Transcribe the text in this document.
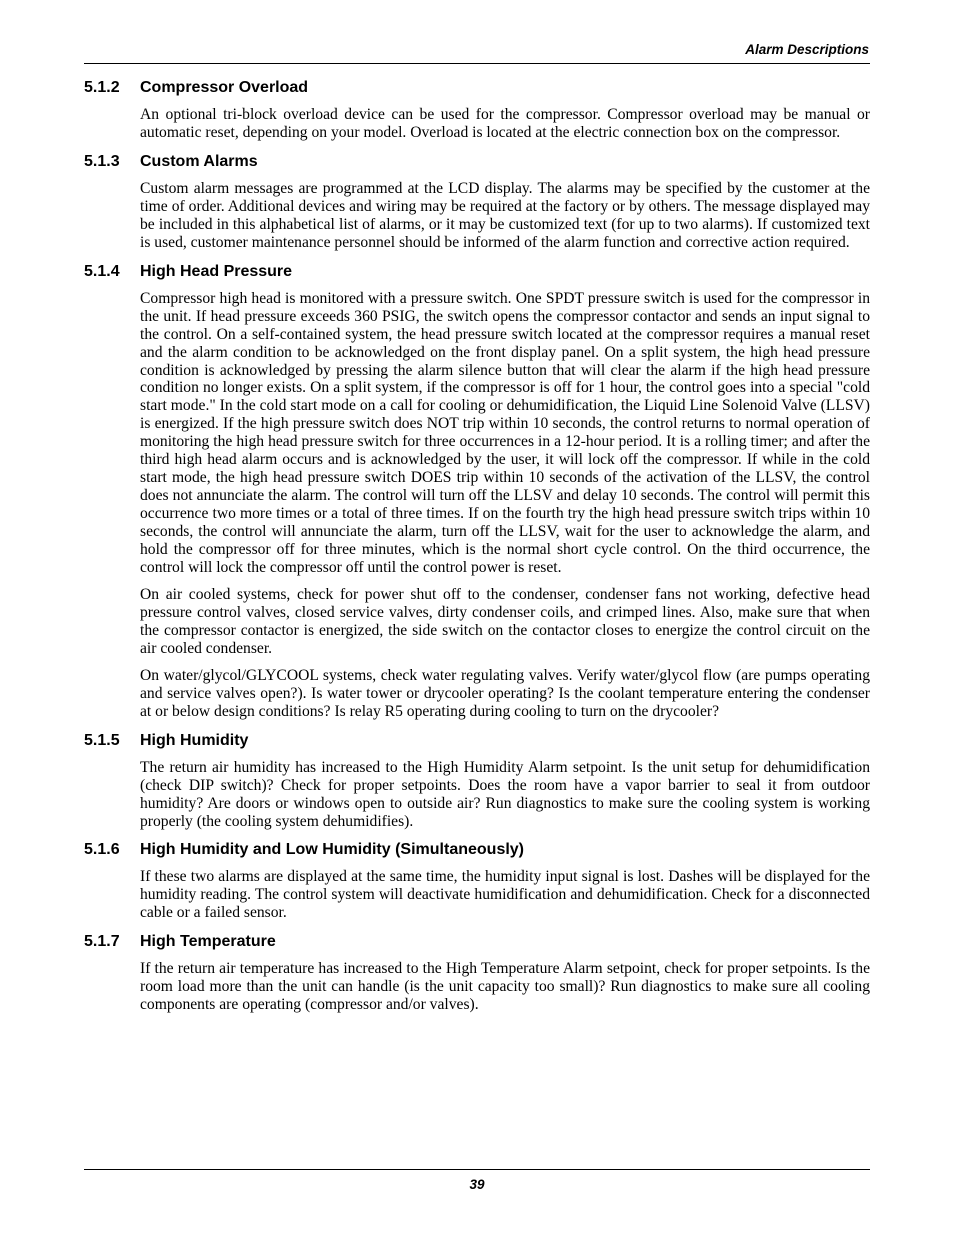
Alarm Descriptions
5.1.2	Compressor Overload

An optional tri-block overload device can be used for the compressor. Compressor overload may be manual or automatic reset, depending on your model. Overload is located at the electric connection box on the compressor.

5.1.3	Custom Alarms

Custom alarm messages are programmed at the LCD display. The alarms may be specified by the customer at the time of order. Additional devices and wiring may be required at the factory or by others. The message displayed may be included in this alphabetical list of alarms, or it may be customized text (for up to two alarms). If customized text is used, customer maintenance personnel should be informed of the alarm function and corrective action required.

5.1.4	High Head Pressure

Compressor high head is monitored with a pressure switch. One SPDT pressure switch is used for the compressor in the unit. If head pressure exceeds 360 PSIG, the switch opens the compressor contactor and sends an input signal to the control. On a self-contained system, the head pressure switch located at the compressor requires a manual reset and the alarm condition to be acknowledged on the front display panel. On a split system, the high head pressure condition is acknowledged by pressing the alarm silence button that will clear the alarm if the high head pressure condition no longer exists. On a split system, if the compressor is off for 1 hour, the control goes into a special "cold start mode." In the cold start mode on a call for cooling or dehumidification, the Liquid Line Solenoid Valve (LLSV) is energized. If the high pressure switch does NOT trip within 10 seconds, the control returns to normal operation of monitoring the high head pressure switch for three occurrences in a 12-hour period. It is a rolling timer; and after the third high head alarm occurs and is acknowledged by the user, it will lock off the compressor. If while in the cold start mode, the high head pressure switch DOES trip within 10 seconds of the activation of the LLSV, the control does not annunciate the alarm. The control will turn off the LLSV and delay 10 seconds. The control will permit this occurrence two more times or a total of three times. If on the fourth try the high head pressure switch trips within 10 seconds, the control will annunciate the alarm, turn off the LLSV, wait for the user to acknowledge the alarm, and hold the compressor off for three minutes, which is the normal short cycle control. On the third occurrence, the control will lock the compressor off until the control power is reset.

On air cooled systems, check for power shut off to the condenser, condenser fans not working, defective head pressure control valves, closed service valves, dirty condenser coils, and crimped lines. Also, make sure that when the compressor contactor is energized, the side switch on the contactor closes to energize the control circuit on the air cooled condenser.

On water/glycol/GLYCOOL systems, check water regulating valves. Verify water/glycol flow (are pumps operating and service valves open?). Is water tower or drycooler operating? Is the coolant temperature entering the condenser at or below design conditions? Is relay R5 operating during cooling to turn on the drycooler?

5.1.5	High Humidity

The return air humidity has increased to the High Humidity Alarm setpoint. Is the unit setup for dehumidification (check DIP switch)? Check for proper setpoints. Does the room have a vapor barrier to seal it from outdoor humidity? Are doors or windows open to outside air? Run diagnostics to make sure the cooling system is working properly (the cooling system dehumidifies).

5.1.6	High Humidity and Low Humidity (Simultaneously)

If these two alarms are displayed at the same time, the humidity input signal is lost. Dashes will be displayed for the humidity reading. The control system will deactivate humidification and dehumidification. Check for a disconnected cable or a failed sensor.

5.1.7	High Temperature

If the return air temperature has increased to the High Temperature Alarm setpoint, check for proper setpoints. Is the room load more than the unit can handle (is the unit capacity too small)? Run diagnostics to make sure all cooling components are operating (compressor and/or valves).

39
